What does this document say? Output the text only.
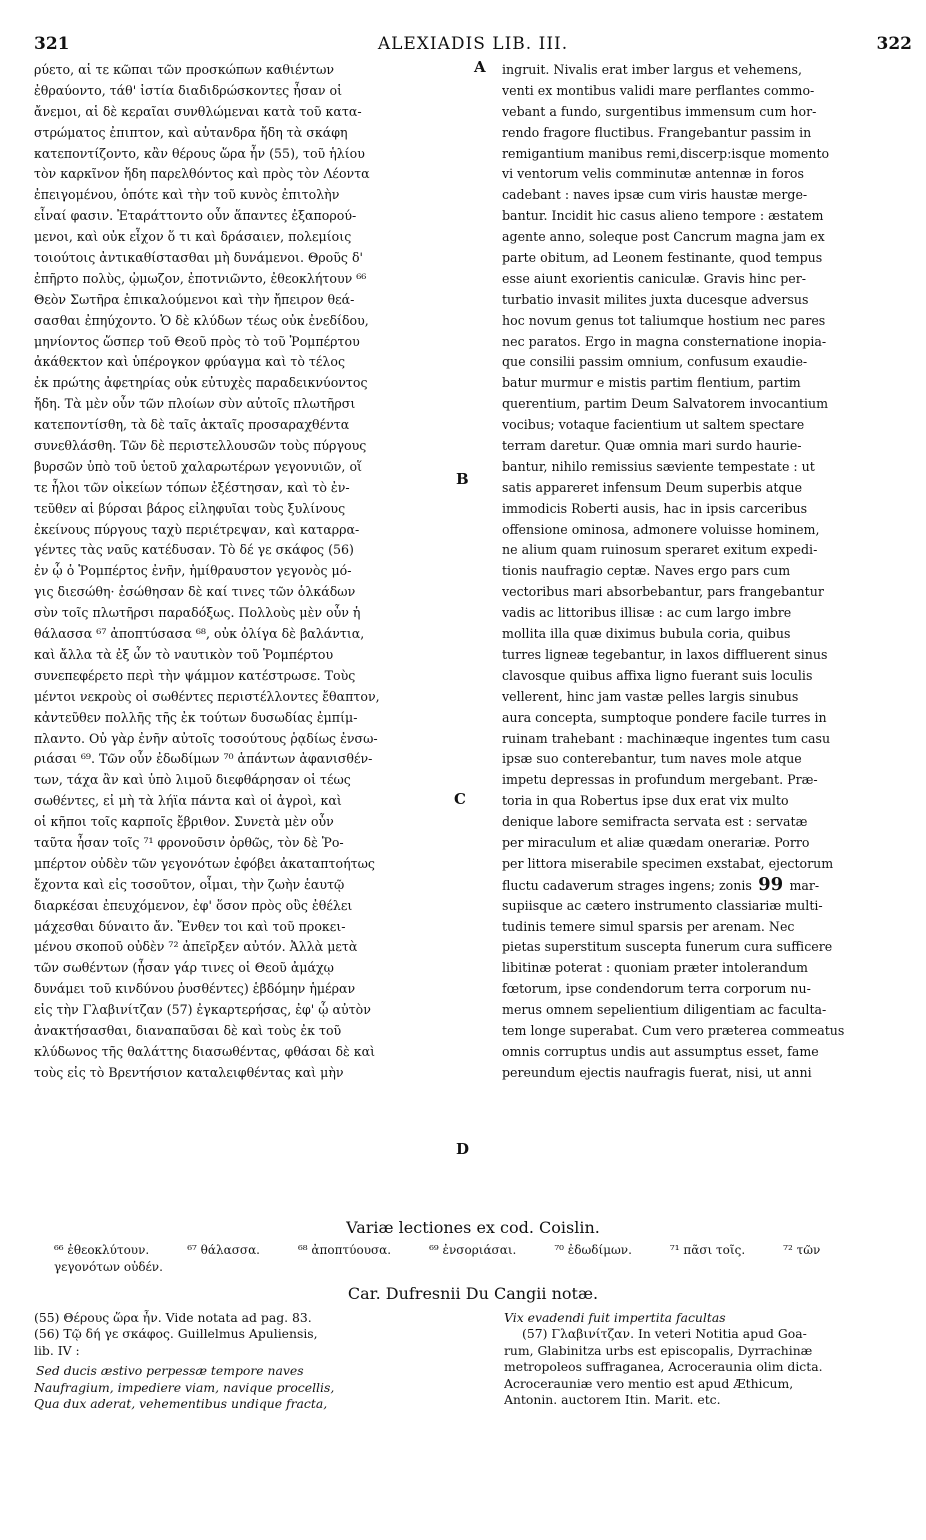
321	ALEXIADIS LIB. III.	322
ρύετο, αἱ τε κῶπαι τῶν προσκώπων καθιέντων
ἐθραύοντο, τάθ' ἱστία διαδιδρώσκοντες ἦσαν οἱ
ἄνεμοι, αἱ δὲ κεραῖαι συνθλώμεναι κατὰ τοῦ κατα-
στρώματος ἐπιπτον, καὶ αὐτανδρα ἤδη τὰ σκάφη
κατεποντίζοντο, κἂν θέρους ὥρα ἦν (55), τοῦ ἡλίου
τὸν καρκῖνον ἤδη παρελθόντος καὶ πρὸς τὸν Λέοντα
ἐπειγομένου, ὁπότε καὶ τὴν τοῦ κυνὸς ἐπιτολὴν
εἶναί φασιν. Ἐταράττοντο οὖν ἅπαντες ἐξαπορού-
μενοι, καὶ οὐκ εἶχον ὅ τι καὶ δράσαιεν, πολεμίοις
τοιούτοις ἀντικαθίστασθαι μὴ δυνάμενοι. Θροῦς δ'
ἐπῆρτο πολὺς, ᾠμωζον, ἐποτνιῶντο, ἐθεοκλήτουν ⁶⁶
Θεὸν Σωτῆρα ἐπικαλούμενοι καὶ τὴν ἤπειρον θεά-
σασθαι ἐπηύχοντο. Ὁ δὲ κλύδων τέως οὐκ ἐνεδίδου,
μηνίοντος ὥσπερ τοῦ Θεοῦ πρὸς τὸ τοῦ Ῥομπέρτου
ἀκάθεκτον καὶ ὑπέρογκον φρύαγμα καὶ τὸ τέλος
ἐκ πρώτης ἀφετηρίας οὐκ εὐτυχὲς παραδεικνύοντος
ἤδη. Τὰ μὲν οὖν τῶν πλοίων σὺν αὐτοῖς πλωτῆρσι
κατεποντίσθη, τὰ δὲ ταῖς ἀκταῖς προσαραχθέντα
συνεθλάσθη. Τῶν δὲ περιστελλουσῶν τοὺς πύργους
βυρσῶν ὑπὸ τοῦ ὑετοῦ χαλαρωτέρων γεγονυιῶν, οἵ
τε ἧλοι τῶν οἰκείων τόπων ἐξέστησαν, καὶ τὸ ἐν-
τεῦθεν αἱ βύρσαι βάρος εἰληφυῖαι τοὺς ξυλίνους
ἐκείνους πύργους ταχὺ περιέτρεψαν, καὶ καταρρα-
γέντες τὰς ναῦς κατέδυσαν. Τὸ δέ γε σκάφος (56)
ἐν ᾧ ὁ Ῥομπέρτος ἐνῆν, ἡμίθραυστον γεγονὸς μό-
γις διεσώθη· ἐσώθησαν δὲ καί τινες τῶν ὁλκάδων
σὺν τοῖς πλωτῆρσι παραδόξως. Πολλοὺς μὲν οὖν ἡ
θάλασσα ⁶⁷ ἀποπτύσασα ⁶⁸, οὐκ ὀλίγα δὲ βαλάντια,
καὶ ἄλλα τὰ ἐξ ὧν τὸ ναυτικὸν τοῦ Ῥομπέρτου
συνεπεφέρετο περὶ τὴν ψάμμον κατέστρωσε. Τοὺς
μέντοι νεκροὺς οἱ σωθέντες περιστέλλοντες ἔθαπτον,
κἀντεῦθεν πολλῆς τῆς ἐκ τούτων δυσωδίας ἐμπίμ-
πλαντο. Οὐ γὰρ ἐνῆν αὐτοῖς τοσούτους ῥᾳδίως ἐνσω-
ριάσαι ⁶⁹. Τῶν οὖν ἐδωδίμων ⁷⁰ ἁπάντων ἀφανισθέν-
των, τάχα ἂν καὶ ὑπὸ λιμοῦ διεφθάρησαν οἱ τέως
σωθέντες, εἰ μὴ τὰ λήϊα πάντα καὶ οἱ ἀγροὶ, καὶ
οἱ κῆποι τοῖς καρποῖς ἔβριθον. Συνετὰ μὲν οὖν
ταῦτα ἦσαν τοῖς ⁷¹ φρονοῦσιν ὀρθῶς, τὸν δὲ Ῥο-
μπέρτον οὐδὲν τῶν γεγονότων ἐφόβει ἀκαταπτοήτως
ἔχοντα καὶ εἰς τοσοῦτον, οἶμαι, τὴν ζωὴν ἑαυτῷ
διαρκέσαι ἐπευχόμενον, ἐφ' ὅσον πρὸς οὓς ἐθέλει
μάχεσθαι δύναιτο ἄν. Ἔνθεν τοι καὶ τοῦ προκει-
μένου σκοποῦ οὐδὲν ⁷² ἀπεῖρξεν αὐτόν. Ἀλλὰ μετὰ
τῶν σωθέντων (ἦσαν γάρ τινες οἱ Θεοῦ ἀμάχῳ
δυνάμει τοῦ κινδύνου ῥυσθέντες) ἑβδόμην ἡμέραν
εἰς τὴν Γλαβινίτζαν (57) ἐγκαρτερήσας, ἐφ' ᾧ αὐτὸν
ἀνακτήσασθαι, διαναπαῦσαι δὲ καὶ τοὺς ἐκ τοῦ
κλύδωνος τῆς θαλάττης διασωθέντας, φθάσαι δὲ καὶ
τοὺς εἰς τὸ Βρεντήσιον καταλειφθέντας καὶ μὴν
ingruit. Nivalis erat imber largus et vehemens,
venti ex montibus validi mare perflantes commo-
vebant a fundo, surgentibus immensum cum hor-
rendo fragore fluctibus. Frangebantur passim in
remigantium manibus remi,discerp:isque momento
vi ventorum velis comminutæ antennæ in foros
cadebant : naves ipsæ cum viris haustæ merge-
bantur. Incidit hic casus alieno tempore : æstatem
agente anno, soleque post Cancrum magna jam ex
parte obitum, ad Leonem festinante, quod tempus
esse aiunt exorientis caniculæ. Gravis hinc per-
turbatio invasit milites juxta ducesque adversus
hoc novum genus tot taliumque hostium nec pares
nec paratos. Ergo in magna consternatione inopia-
que consilii passim omnium, confusum exaudie-
batur murmur e mistis partim flentium, partim
querentium, partim Deum Salvatorem invocantium
vocibus; votaque facientium ut saltem spectare
terram daretur. Quæ omnia mari surdo haurie-
bantur, nihilo remissius sæviente tempestate : ut
satis appareret infensum Deum superbis atque
immodicis Roberti ausis, hac in ipsis carceribus
offensione ominosa, admonere voluisse hominem,
ne alium quam ruinosum speraret exitum expedi-
tionis naufragio ceptæ. Naves ergo pars cum
vectoribus mari absorbebantur, pars frangebantur
vadis ac littoribus illisæ : ac cum largo imbre
mollita illa quæ diximus bubula coria, quibus
turres ligneæ tegebantur, in laxos diffluerent sinus
clavosque quibus affixa ligno fuerant suis loculis
vellerent, hinc jam vastæ pelles largis sinubus
aura concepta, sumptoque pondere facile turres in
ruinam trahebant : machinæque ingentes tum casu
ipsæ suo conterebantur, tum naves mole atque
impetu depressas in profundum mergebant. Præ-
toria in qua Robertus ipse dux erat vix multo
denique labore semifracta servata est : servatæ
per miraculum et aliæ quædam onerariæ. Porro
per littora miserabile specimen exstabat, ejectorum
fluctu cadaverum strages ingens; zonis 99 mar-
supiisque ac cætero instrumento classiariæ multi-
tudinis temere simul sparsis per arenam. Nec
pietas superstitum suscepta funerum cura sufficere
libitinæ poterat : quoniam præter intolerandum
fœtorum, ipse condendorum terra corporum nu-
merus omnem sepelientium diligentiam ac faculta-
tem longe superabat. Cum vero præterea commeatus
omnis corruptus undis aut assumptus esset, fame
pereundum ejectis naufragis fuerat, nisi, ut anni
A
B
C
D
Variæ lectiones ex cod. Coislin.
⁶⁶ ἐθεοκλύτουν.	⁶⁷ θάλασσα.	⁶⁸ ἀποπτύουσα.	⁶⁹ ἐνσοριάσαι.	⁷⁰ ἐδωδίμων.	⁷¹ πᾶσι τοῖς.	⁷² τῶν
γεγονότων οὐδέν.
Car. Dufresnii Du Cangii notæ.
(55) Θέρους ὥρα ἦν. Vide notata ad pag. 83.
(56) Τῷ δή γε σκάφος. Guillelmus Apuliensis,
lib. IV :
Sed ducis æstivo perpessæ tempore naves
Naufragium, impediere viam, navique procellis,
Qua dux aderat, vehementibus undique fracta,
Vix evadendi fuit impertita facultas
(57) Γλαβινίτζαν. In veteri Notitia apud Goa-
rum, Glabinitza urbs est episcopalis, Dyrrachinæ
metropoleos suffraganea, Acroceraunia olim dicta.
Acrocerauniæ vero mentio est apud Æthicum,
Antonin. auctorem Itin. Marit. etc.
